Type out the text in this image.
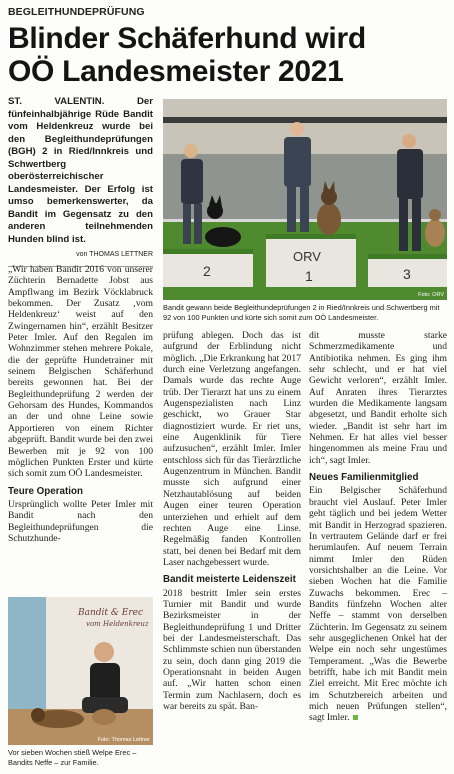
BEGLEITHUNDEPRÜFUNG
Blinder Schäferhund wird
OÖ Landesmeister 2021

ST. VALENTIN. Der fünfeinhalbjährige Rüde Bandit vom Heldenkreuz wurde bei den Begleithundeprüfungen (BGH) 2 in Ried/Innkreis und Schwertberg oberösterreichischer Landesmeister. Der Erfolg ist umso bemerkenswerter, da Bandit im Gegensatz zu den anderen teilnehmenden Hunden blind ist.

von THOMAS LETTNER
2
ORV
1	3
Foto: ORV
Bandit gewann beide Begleithundeprüfungen 2 in Ried/Innkreis und Schwertberg mit 92 von 100 Punkten und kürte sich somit zum OÖ Landesmeister.

„Wir haben Bandit 2016 von unserer Züchterin Bernadette Jobst aus Ampflwang im Bezirk Vöcklabruck bekommen. Der Zusatz ‚vom Heldenkreuz‘ weist auf den Zwingernamen hin“, erzählt Besitzer Peter Imler. Auf den Regalen im Wohnzimmer stehen mehrere Pokale, die der geprüfte Hundetrainer mit seinem Belgischen Schäferhund bereits gewonnen hat. Bei der Begleithundeprüfung 2 werden der Gehorsam des Hundes, Kommandos an der und ohne Leine sowie Apportieren von einem Richter abgeprüft. Bandit wurde bei den zwei Bewerben mit je 92 von 100 möglichen Punkten Erster und kürte sich somit zum OÖ Landesmeister.

Teure Operation

Ursprünglich wollte Peter Imler mit Bandit nach den Begleithundeprüfungen die Schutzhunde-

Bandit & Erec
vom Heldenkreuz
Foto: Thomas Lettner
Vor sieben Wochen stieß Welpe Erec – Bandits Neffe – zur Familie.

prüfung ablegen. Doch das ist aufgrund der Erblindung nicht möglich. „Die Erkrankung hat 2017 durch eine Verletzung angefangen. Damals wurde das rechte Auge trüb. Der Tierarzt hat uns zu einem Augenspezialisten nach Linz geschickt, wo Grauer Star diagnostiziert wurde. Er riet uns, eine Augenklinik für Tiere aufzusuchen“, erzählt Imler. Imler entschloss sich für das Tierärztliche Augenzentrum in München. Bandit musste sich aufgrund einer Netzhautablösung auf beiden Augen einer teuren Operation unterziehen und erhielt auf dem rechten Auge eine Linse. Regelmäßig fanden Kontrollen statt, bei denen bei Bedarf mit dem Laser nachgebessert wurde.

Bandit meisterte Leidenszeit

2018 bestritt Imler sein erstes Turnier mit Bandit und wurde Bezirksmeister in der Begleithundeprüfung 1 und Dritter bei der Landesmeisterschaft. Das Schlimmste schien nun überstanden zu sein, doch dann ging 2019 die Operationsnaht in beiden Augen auf. „Wir hatten schon einen Termin zum Nachlasern, doch es war bereits zu spät. Ban-

dit musste starke Schmerzmedikamente und Antibiotika nehmen. Es ging ihm sehr schlecht, und er hat viel Gewicht verloren“, erzählt Imler. Auf Anraten ihres Tierarztes wurden die Medikamente langsam abgesetzt, und Bandit erholte sich wieder. „Bandit ist sehr hart im Nehmen. Er hat alles viel besser hingenommen als meine Frau und ich“, sagt Imler.

Neues Familienmitglied

Ein Belgischer Schäferhund braucht viel Auslauf. Peter Imler geht täglich und bei jedem Wetter mit Bandit in Herzograd spazieren. In vertrautem Gelände darf er frei herumlaufen. Auf neuem Terrain nimmt Imler den Rüden vorsichtshalber an die Leine. Vor sieben Wochen hat die Familie Zuwachs bekommen. Erec – Bandits fünfzehn Wochen alter Neffe – stammt von derselben Züchterin. Im Gegensatz zu seinem sehr ausgeglichenen Onkel hat der Welpe ein noch sehr ungestümes Temperament. „Was die Bewerbe betrifft, habe ich mit Bandit mein Ziel erreicht. Mit Erec möchte ich im Schutzbereich arbeiten und mich neuen Prüfungen stellen“, sagt Imler.
